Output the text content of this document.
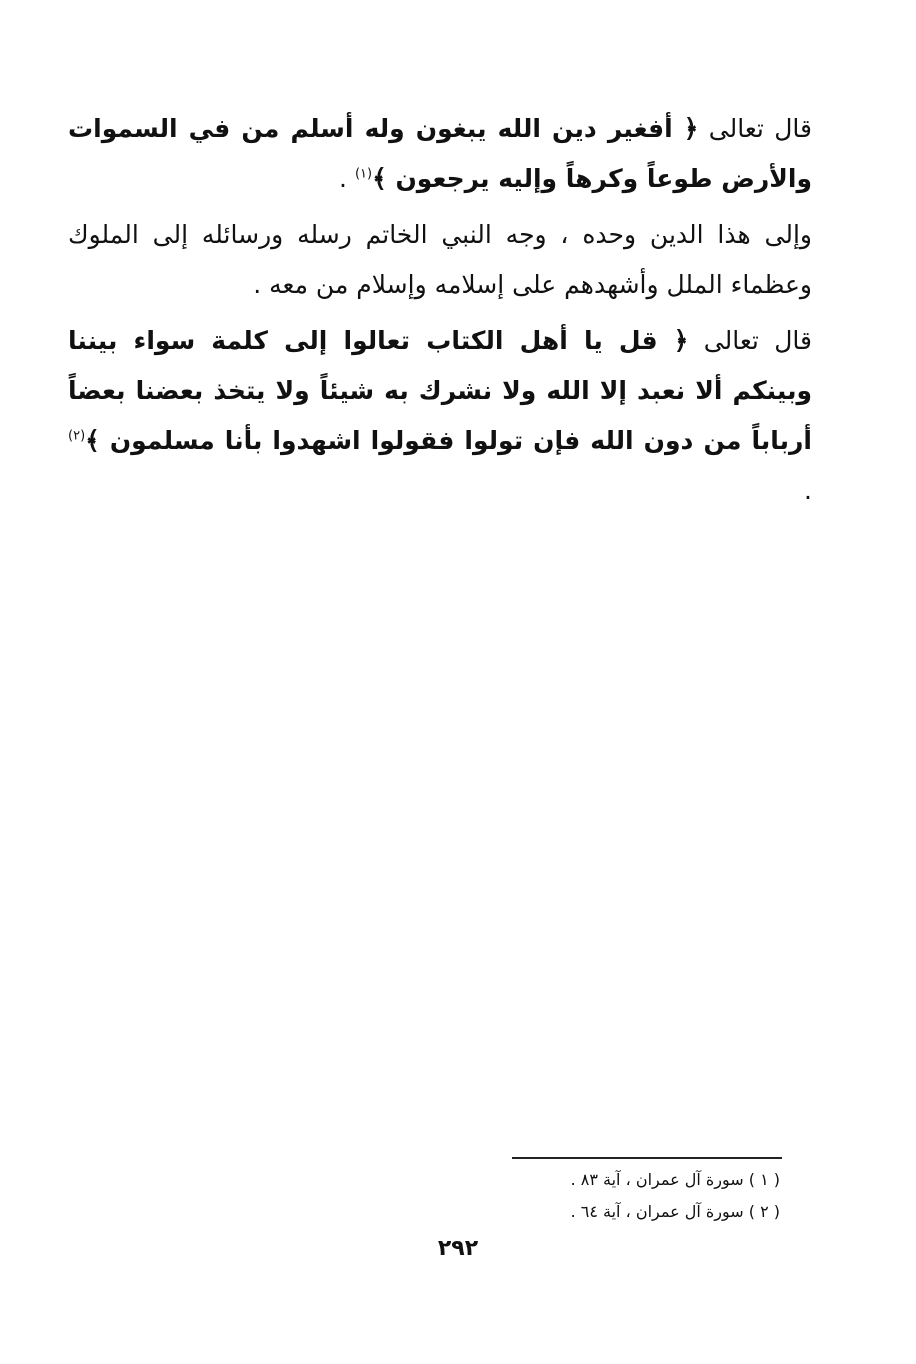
قال تعالى ﴿ أفغير دين الله يبغون وله أسلم من في السموات والأرض طوعاً وكرهاً وإليه يرجعون ﴾$^{(١)}$ .

وإلى هذا الدين وحده ، وجه النبي الخاتم رسله ورسائله إلى الملوك وعظماء الملل وأشهدهم على إسلامه وإسلام من معه .

قال تعالى ﴿ قل يا أهل الكتاب تعالوا إلى كلمة سواء بيننا وبينكم ألا نعبد إلا الله ولا نشرك به شيئاً ولا يتخذ بعضنا بعضاً أرباباً من دون الله فإن تولوا فقولوا اشهدوا بأنا مسلمون ﴾$^{(٢)}$ .

( ١ ) سورة آل عمران ، آية ٨٣ .

( ٢ ) سورة آل عمران ، آية ٦٤ .

٢٩٢
